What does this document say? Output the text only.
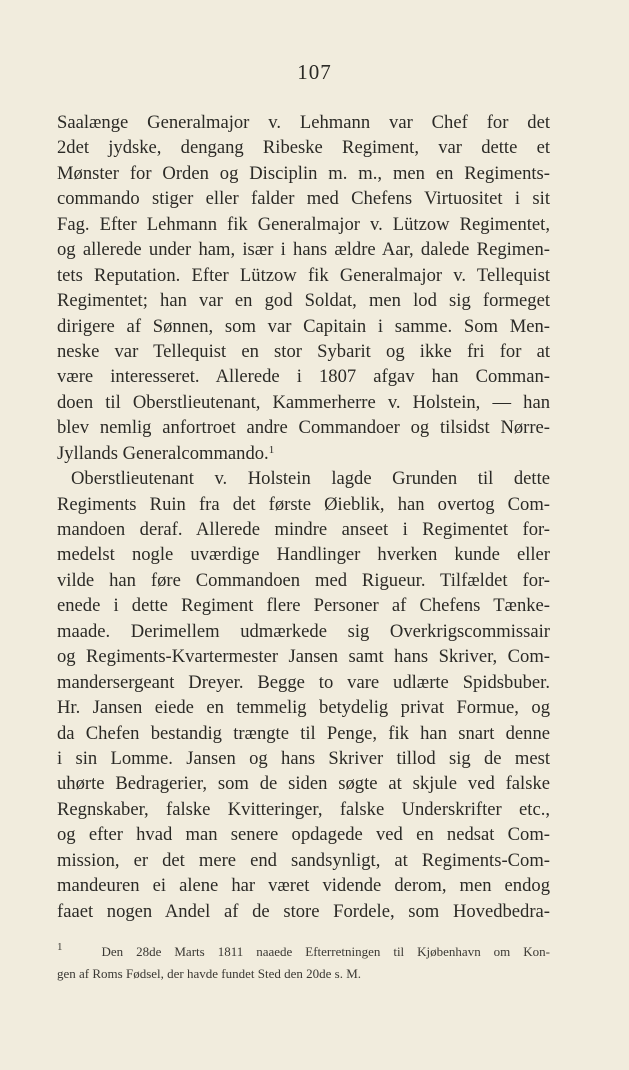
107
Saalænge Generalmajor v. Lehmann var Chef for det
2det jydske, dengang Ribeske Regiment, var dette et
Mønster for Orden og Disciplin m. m., men en Regiments-
commando stiger eller falder med Chefens Virtuositet i sit
Fag. Efter Lehmann fik Generalmajor v. Lützow Regimentet,
og allerede under ham, især i hans ældre Aar, dalede Regimen-
tets Reputation. Efter Lützow fik Generalmajor v. Tellequist
Regimentet; han var en god Soldat, men lod sig formeget
dirigere af Sønnen, som var Capitain i samme. Som Men-
neske var Tellequist en stor Sybarit og ikke fri for at
være interesseret. Allerede i 1807 afgav han Comman-
doen til Oberstlieutenant, Kammerherre v. Holstein, — han
blev nemlig anfortroet andre Commandoer og tilsidst Nørre-
Jyllands Generalcommando.$^1$
Oberstlieutenant v. Holstein lagde Grunden til dette
Regiments Ruin fra det første Øieblik, han overtog Com-
mandoen deraf. Allerede mindre anseet i Regimentet for-
medelst nogle uværdige Handlinger hverken kunde eller
vilde han føre Commandoen med Rigueur. Tilfældet for-
enede i dette Regiment flere Personer af Chefens Tænke-
maade. Derimellem udmærkede sig Overkrigscommissair
og Regiments-Kvartermester Jansen samt hans Skriver, Com-
mandersergeant Dreyer. Begge to vare udlærte Spidsbuber.
Hr. Jansen eiede en temmelig betydelig privat Formue, og
da Chefen bestandig trængte til Penge, fik han snart denne
i sin Lomme. Jansen og hans Skriver tillod sig de mest
uhørte Bedragerier, som de siden søgte at skjule ved falske
Regnskaber, falske Kvitteringer, falske Underskrifter etc.,
og efter hvad man senere opdagede ved en nedsat Com-
mission, er det mere end sandsynligt, at Regiments-Com-
mandeuren ei alene har været vidende derom, men endog
faaet nogen Andel af de store Fordele, som Hovedbedra-
$^1$	Den 28de Marts 1811 naaede Efterretningen til Kjøbenhavn om Kon-
gen af Roms Fødsel, der havde fundet Sted den 20de s. M.
